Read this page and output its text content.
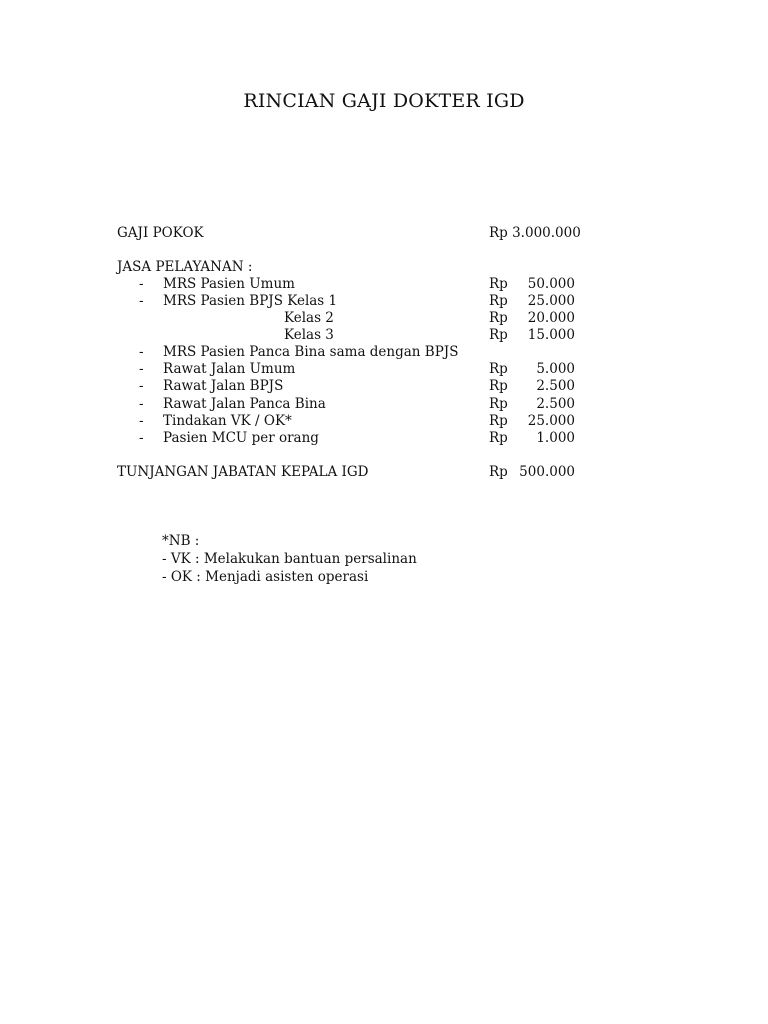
RINCIAN GAJI DOKTER IGD
GAJI POKOK	Rp 3.000.000
JASA PELAYANAN :
- MRS Pasien Umum	Rp	50.000
- MRS Pasien BPJS Kelas 1	Rp	25.000
Kelas 2	Rp	20.000
Kelas 3	Rp	15.000
- MRS Pasien Panca Bina sama dengan BPJS
- Rawat Jalan Umum	Rp	5.000
- Rawat Jalan BPJS	Rp	2.500
- Rawat Jalan Panca Bina	Rp	2.500
- Tindakan VK / OK*	Rp	25.000
- Pasien MCU per orang	Rp	1.000
TUNJANGAN JABATAN KEPALA IGD	Rp 500.000
*NB :
- VK : Melakukan bantuan persalinan
- OK : Menjadi asisten operasi
